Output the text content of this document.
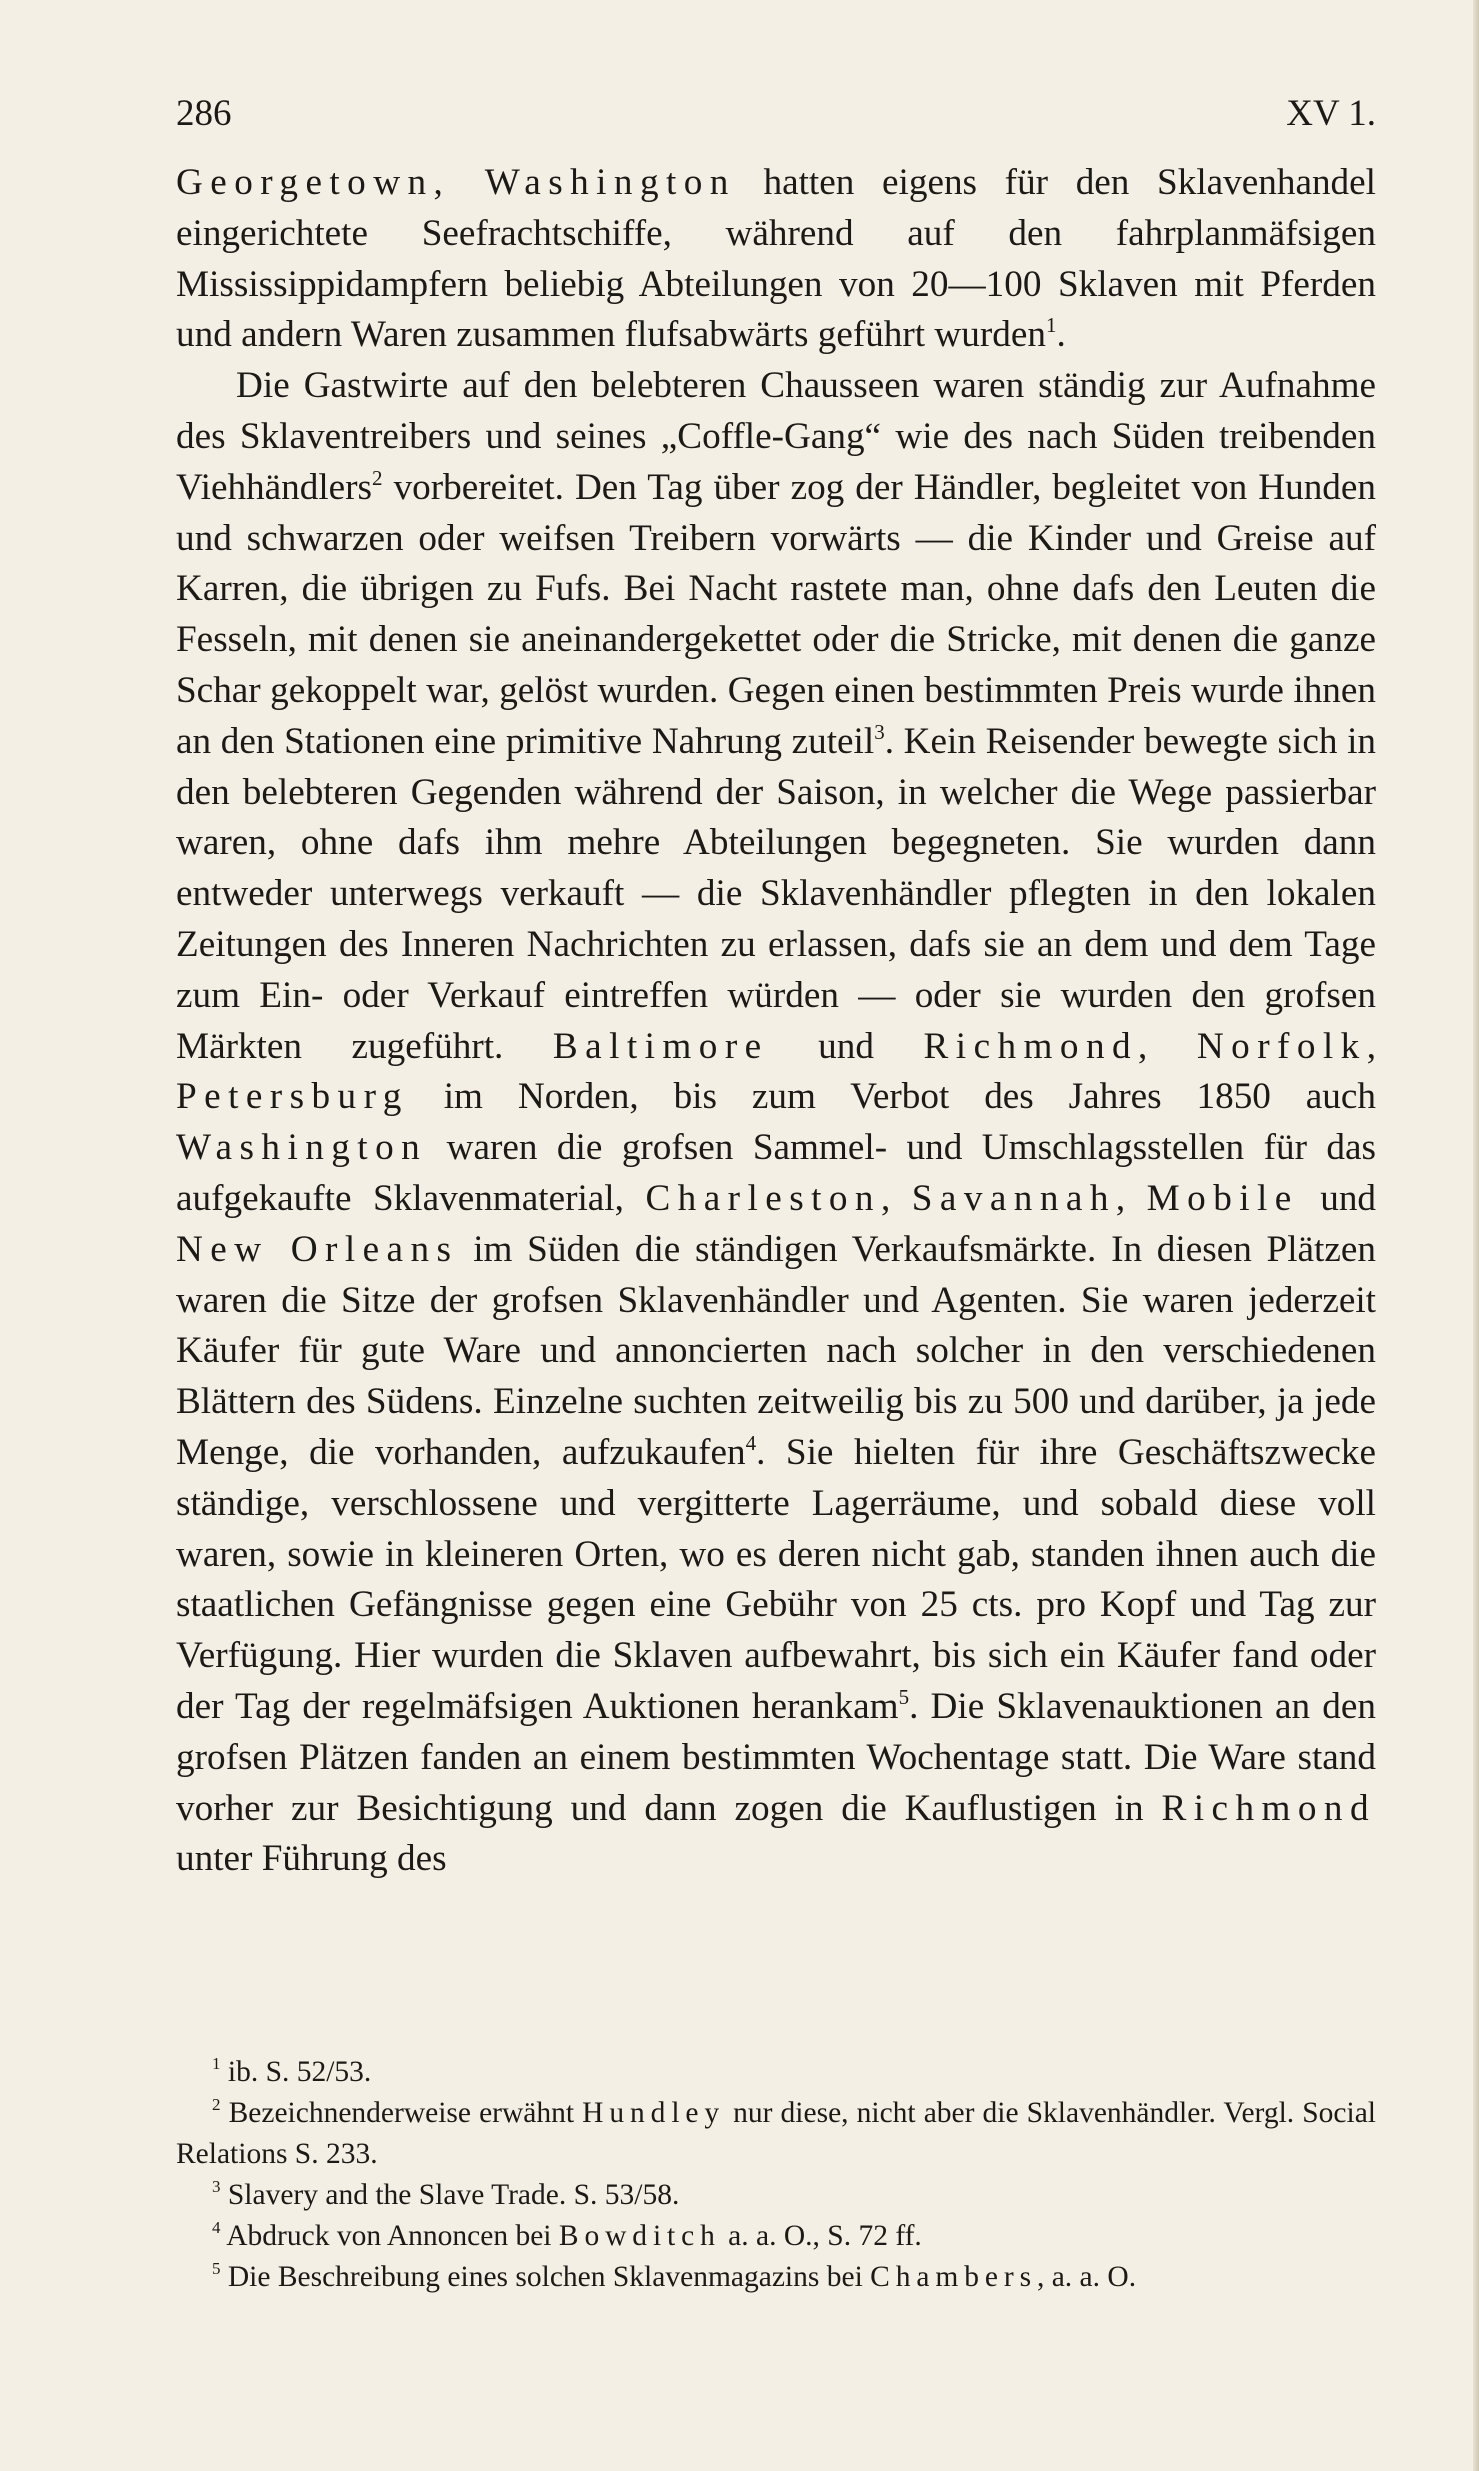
286	XV 1.

Georgetown, Washington hatten eigens für den Sklavenhandel eingerichtete Seefrachtschiffe, während auf den fahrplanmäfsigen Mississippidampfern beliebig Abteilungen von 20—100 Sklaven mit Pferden und andern Waren zusammen flufsabwärts geführt wurden$^1$.

Die Gastwirte auf den belebteren Chausseen waren ständig zur Aufnahme des Sklaventreibers und seines „Coffle-Gang“ wie des nach Süden treibenden Viehhändlers$^2$ vorbereitet. Den Tag über zog der Händler, begleitet von Hunden und schwarzen oder weifsen Treibern vorwärts — die Kinder und Greise auf Karren, die übrigen zu Fufs. Bei Nacht rastete man, ohne dafs den Leuten die Fesseln, mit denen sie aneinandergekettet oder die Stricke, mit denen die ganze Schar gekoppelt war, gelöst wurden. Gegen einen bestimmten Preis wurde ihnen an den Stationen eine primitive Nahrung zuteil$^3$. Kein Reisender bewegte sich in den belebteren Gegenden während der Saison, in welcher die Wege passierbar waren, ohne dafs ihm mehre Abteilungen begegneten. Sie wurden dann entweder unterwegs verkauft — die Sklavenhändler pflegten in den lokalen Zeitungen des Inneren Nachrichten zu erlassen, dafs sie an dem und dem Tage zum Ein- oder Verkauf eintreffen würden — oder sie wurden den grofsen Märkten zugeführt. Baltimore und Richmond, Norfolk, Petersburg im Norden, bis zum Verbot des Jahres 1850 auch Washington waren die grofsen Sammel- und Umschlagsstellen für das aufgekaufte Sklavenmaterial, Charleston, Savannah, Mobile und New Orleans im Süden die ständigen Verkaufsmärkte. In diesen Plätzen waren die Sitze der grofsen Sklavenhändler und Agenten. Sie waren jederzeit Käufer für gute Ware und annoncierten nach solcher in den verschiedenen Blättern des Südens. Einzelne suchten zeitweilig bis zu 500 und darüber, ja jede Menge, die vorhanden, aufzukaufen$^4$. Sie hielten für ihre Geschäftszwecke ständige, verschlossene und vergitterte Lagerräume, und sobald diese voll waren, sowie in kleineren Orten, wo es deren nicht gab, standen ihnen auch die staatlichen Gefängnisse gegen eine Gebühr von 25 cts. pro Kopf und Tag zur Verfügung. Hier wurden die Sklaven aufbewahrt, bis sich ein Käufer fand oder der Tag der regelmäfsigen Auktionen herankam$^5$. Die Sklavenauktionen an den grofsen Plätzen fanden an einem bestimmten Wochentage statt. Die Ware stand vorher zur Besichtigung und dann zogen die Kauflustigen in Richmond unter Führung des

$^1$ ib. S. 52/53.

$^2$ Bezeichnenderweise erwähnt Hundley nur diese, nicht aber die Sklavenhändler. Vergl. Social Relations S. 233.

$^3$ Slavery and the Slave Trade. S. 53/58.

$^4$ Abdruck von Annoncen bei Bowditch a. a. O., S. 72 ff.

$^5$ Die Beschreibung eines solchen Sklavenmagazins bei Chambers, a. a. O.
